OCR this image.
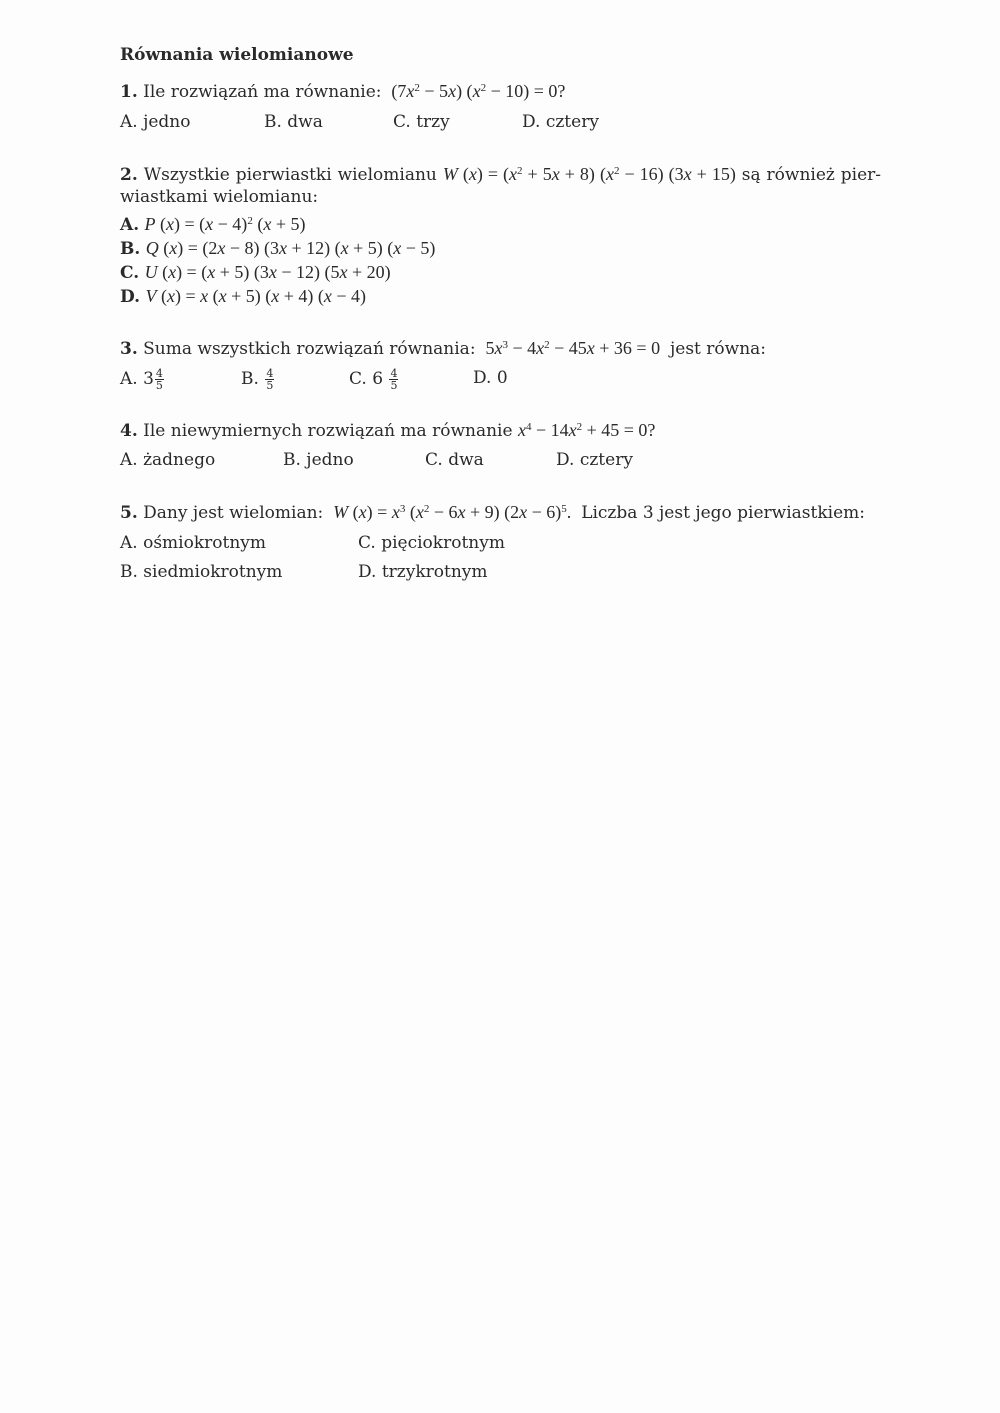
Równania wielomianowe
1. Ile rozwiązań ma równanie:  $(7x^2 - 5x) (x^2 - 10) = 0$?
A. jedno	B. dwa	C. trzy	D. cztery
2. Wszystkie pierwiastki wielomianu W $(x) = (x^2 + 5x + 8) (x^2 - 16) (3x + 15)$ są również pier-
wiastkami wielomianu:
A. P $(x) = (x - 4)^2$ (x + 5)
B. Q (x) = (2x − 8) (3x + 12) (x + 5) (x − 5)
C. U (x) = (x + 5) (3x − 12) (5x + 20)
D. V (x) = x (x + 5) (x + 4) (x − 4)
3. Suma wszystkich rozwiązań równania:  $5x^3 - 4x^2 - 45x + 36 = 0$  jest równa:
A. $3 \frac{4}{5}$	B. $\frac{4}{5}$	C. $6 \frac{4}{5}$	D. 0
4. Ile niewymiernych rozwiązań ma równanie $x^4 - 14x^2 + 45 = 0$?
A. żadnego	B. jedno	C. dwa	D. cztery
5. Dany jest wielomian: W $(x) = x^3$ $(x^2 - 6x + 9) (2x - 6)^5$.  Liczba 3 jest jego pierwiastkiem:
A. ośmiokrotnym	C. pięciokrotnym
B. siedmiokrotnym	D. trzykrotnym
